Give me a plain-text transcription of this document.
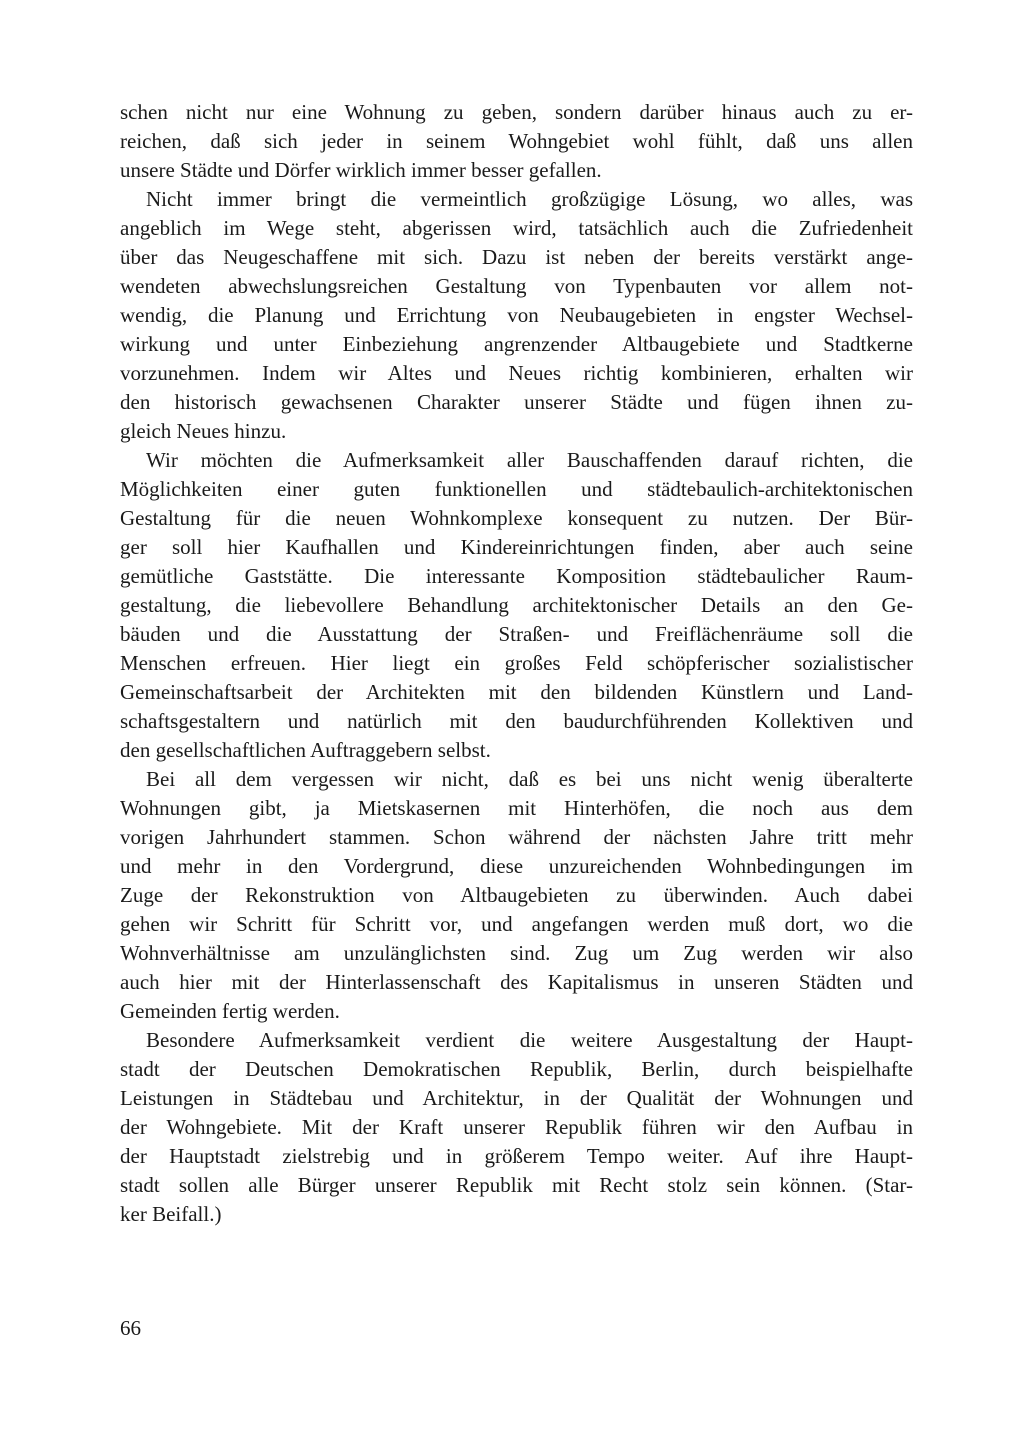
schen nicht nur eine Wohnung zu geben, sondern darüber hinaus auch zu er-
reichen, daß sich jeder in seinem Wohngebiet wohl fühlt, daß uns allen
unsere Städte und Dörfer wirklich immer besser gefallen.
Nicht immer bringt die vermeintlich großzügige Lösung, wo alles, was
angeblich im Wege steht, abgerissen wird, tatsächlich auch die Zufriedenheit
über das Neugeschaffene mit sich. Dazu ist neben der bereits verstärkt ange-
wendeten abwechslungsreichen Gestaltung von Typenbauten vor allem not-
wendig, die Planung und Errichtung von Neubaugebieten in engster Wechsel-
wirkung und unter Einbeziehung angrenzender Altbaugebiete und Stadtkerne
vorzunehmen. Indem wir Altes und Neues richtig kombinieren, erhalten wir
den historisch gewachsenen Charakter unserer Städte und fügen ihnen zu-
gleich Neues hinzu.
Wir möchten die Aufmerksamkeit aller Bauschaffenden darauf richten, die
Möglichkeiten einer guten funktionellen und städtebaulich-architektonischen
Gestaltung für die neuen Wohnkomplexe konsequent zu nutzen. Der Bür-
ger soll hier Kaufhallen und Kindereinrichtungen finden, aber auch seine
gemütliche Gaststätte. Die interessante Komposition städtebaulicher Raum-
gestaltung, die liebevollere Behandlung architektonischer Details an den Ge-
bäuden und die Ausstattung der Straßen- und Freiflächenräume soll die
Menschen erfreuen. Hier liegt ein großes Feld schöpferischer sozialistischer
Gemeinschaftsarbeit der Architekten mit den bildenden Künstlern und Land-
schaftsgestaltern und natürlich mit den baudurchführenden Kollektiven und
den gesellschaftlichen Auftraggebern selbst.
Bei all dem vergessen wir nicht, daß es bei uns nicht wenig überalterte
Wohnungen gibt, ja Mietskasernen mit Hinterhöfen, die noch aus dem
vorigen Jahrhundert stammen. Schon während der nächsten Jahre tritt mehr
und mehr in den Vordergrund, diese unzureichenden Wohnbedingungen im
Zuge der Rekonstruktion von Altbaugebieten zu überwinden. Auch dabei
gehen wir Schritt für Schritt vor, und angefangen werden muß dort, wo die
Wohnverhältnisse am unzulänglichsten sind. Zug um Zug werden wir also
auch hier mit der Hinterlassenschaft des Kapitalismus in unseren Städten und
Gemeinden fertig werden.
Besondere Aufmerksamkeit verdient die weitere Ausgestaltung der Haupt-
stadt der Deutschen Demokratischen Republik, Berlin, durch beispielhafte
Leistungen in Städtebau und Architektur, in der Qualität der Wohnungen und
der Wohngebiete. Mit der Kraft unserer Republik führen wir den Aufbau in
der Hauptstadt zielstrebig und in größerem Tempo weiter. Auf ihre Haupt-
stadt sollen alle Bürger unserer Republik mit Recht stolz sein können. (Star-
ker Beifall.)
66
